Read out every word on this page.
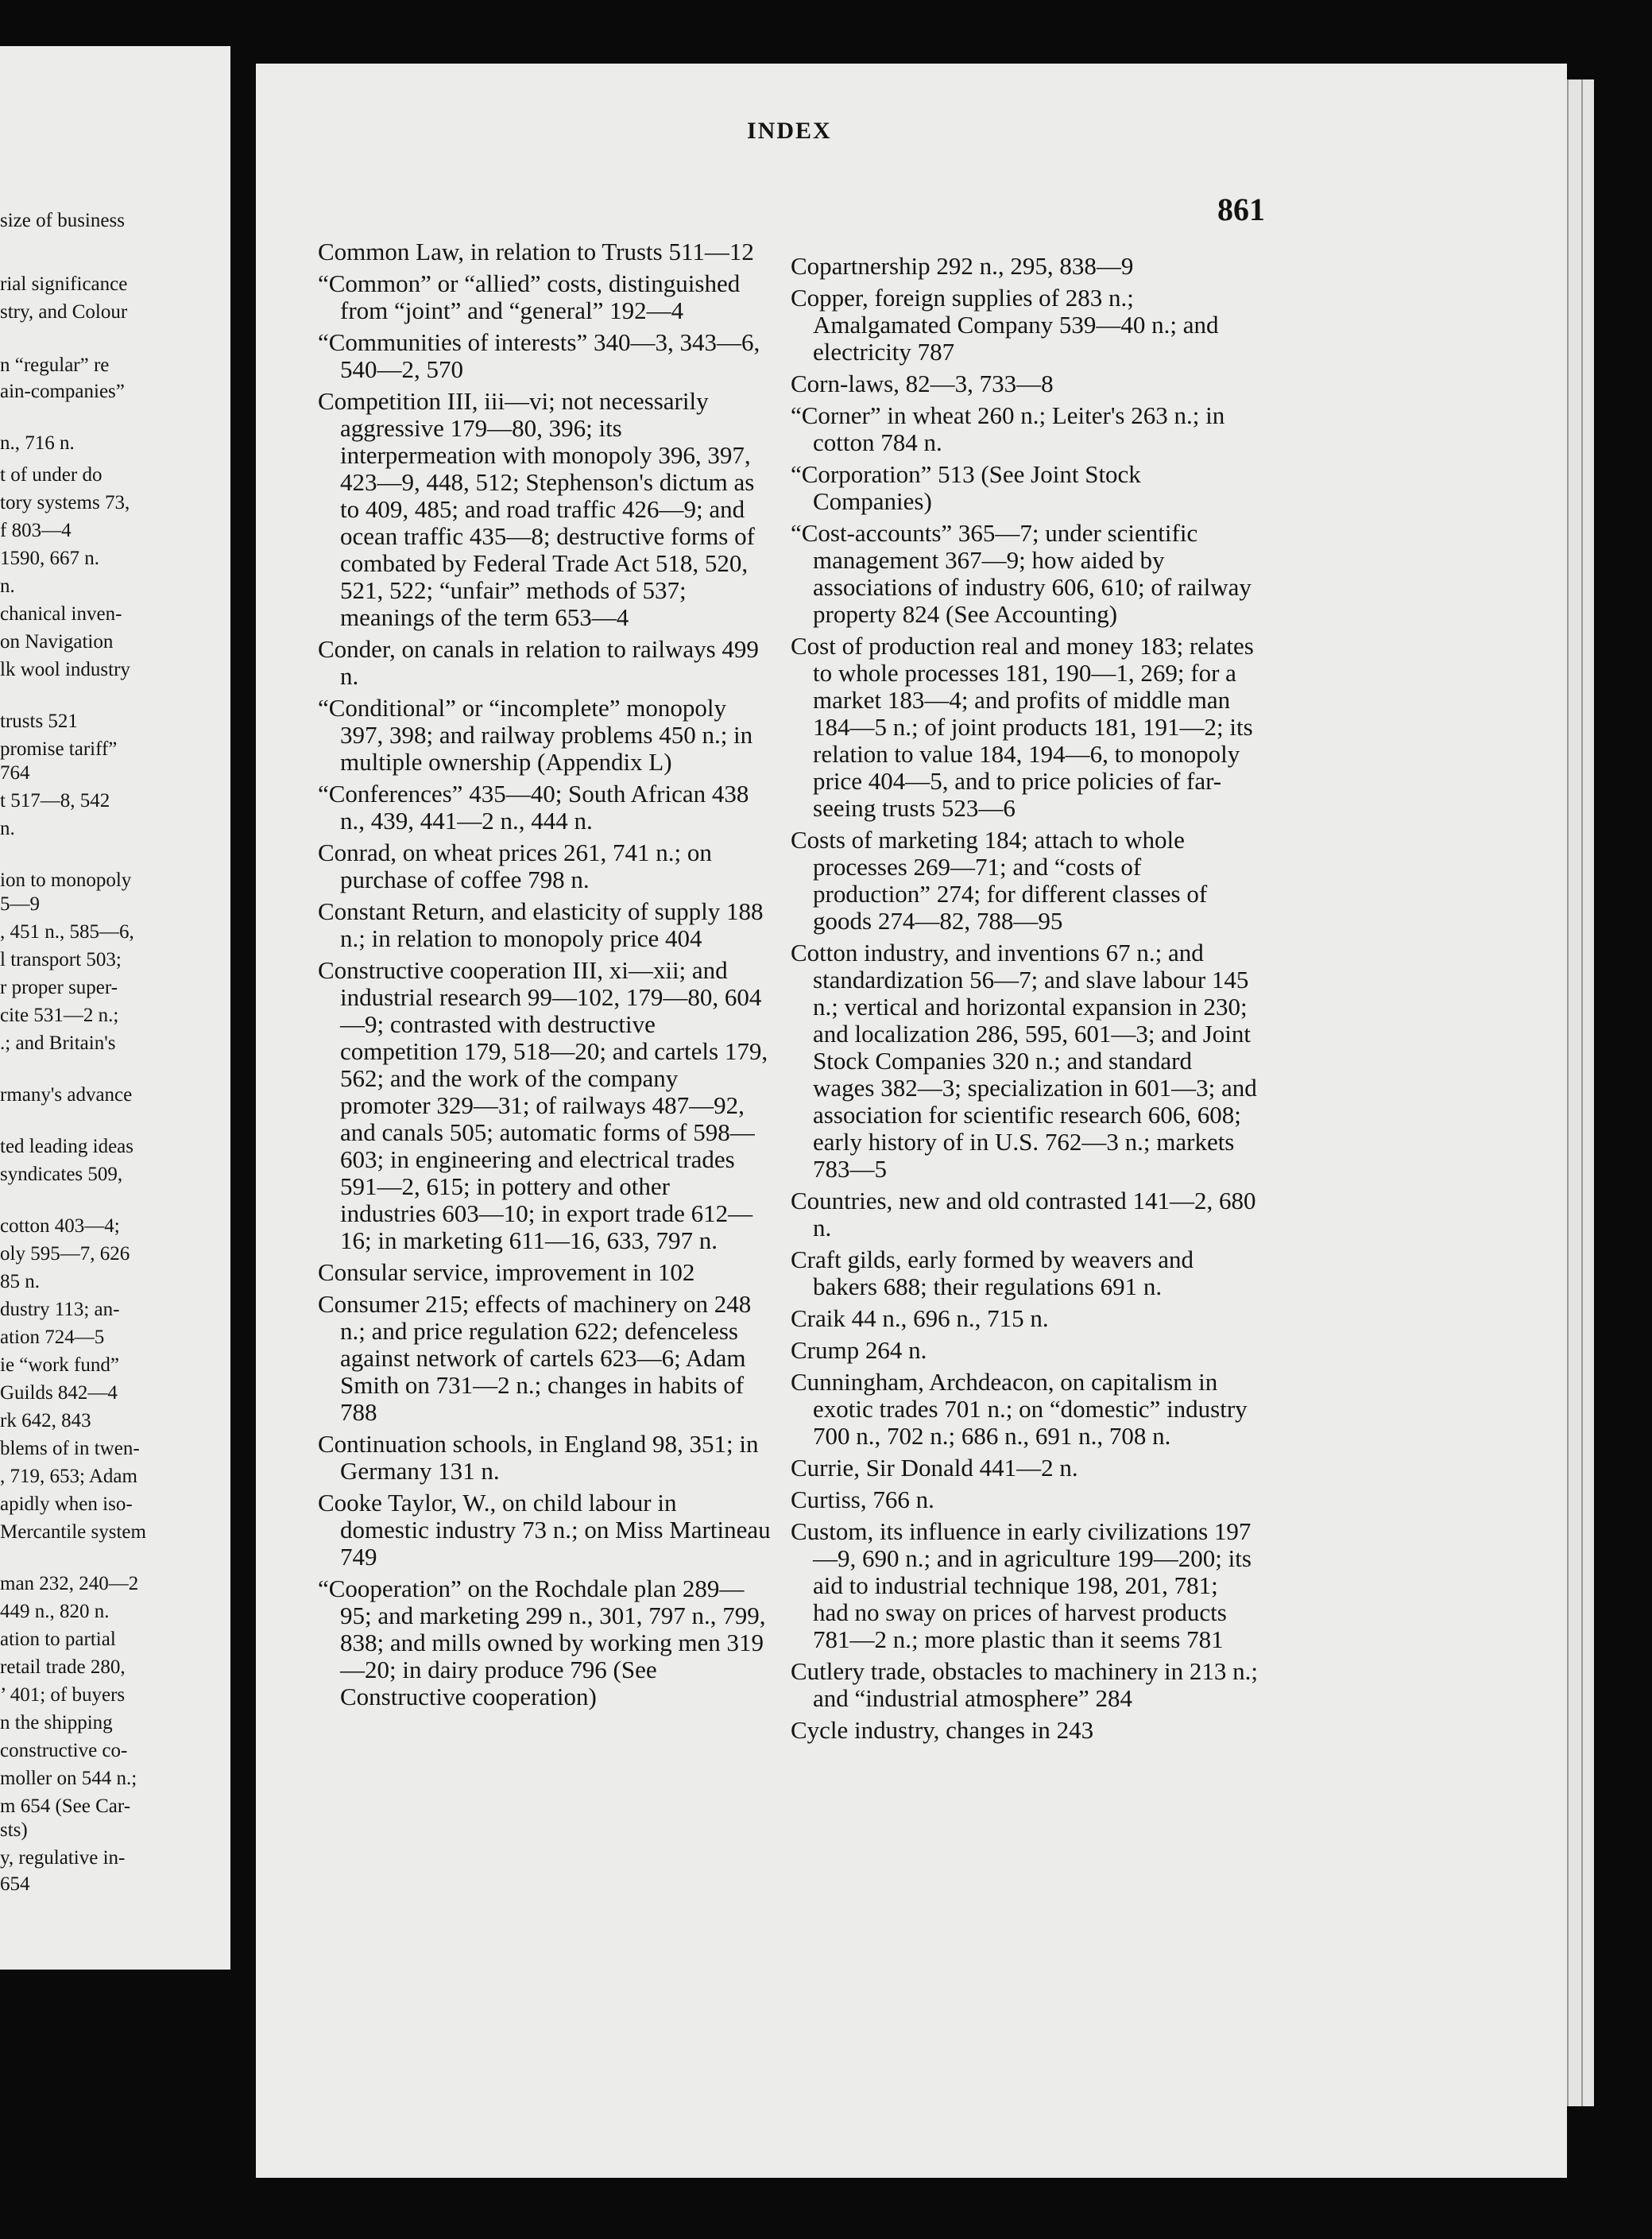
size of business
rial significance
stry, and Colour
n “regular” re
ain-companies”
n., 716 n.
t of under do
tory systems 73,
f 803—4
1590, 667 n.
n.
chanical inven-
on Navigation
lk wool industry
trusts 521
promise tariff”
764
t 517—8, 542
n.
ion to monopoly
5—9
, 451 n., 585—6,
l transport 503;
r proper super-
cite 531—2 n.;
.; and Britain's
rmany's advance
ted leading ideas
syndicates 509,
cotton 403—4;
oly 595—7, 626
85 n.
dustry 113; an-
ation 724—5
ie “work fund”
Guilds 842—4
rk 642, 843
blems of in twen-
, 719, 653; Adam
apidly when iso-
Mercantile system
man 232, 240—2
449 n., 820 n.
ation to partial
retail trade 280,
’ 401; of buyers
n the shipping
constructive co-
moller on 544 n.;
m 654 (See Car-
sts)
y, regulative in-
654
INDEX
861
Common Law, in relation to Trusts 511—12
“Common” or “allied” costs, distinguished from “joint” and “general” 192—4
“Communities of interests” 340—3, 343—6, 540—2, 570
Competition III, iii—vi; not necessarily aggressive 179—80, 396; its interpermeation with monopoly 396, 397, 423—9, 448, 512; Stephenson's dictum as to 409, 485; and road traffic 426—9; and ocean traffic 435—8; destructive forms of combated by Federal Trade Act 518, 520, 521, 522; “unfair” methods of 537; meanings of the term 653—4
Conder, on canals in relation to railways 499 n.
“Conditional” or “incomplete” monopoly 397, 398; and railway problems 450 n.; in multiple ownership (Appendix L)
“Conferences” 435—40; South African 438 n., 439, 441—2 n., 444 n.
Conrad, on wheat prices 261, 741 n.; on purchase of coffee 798 n.
Constant Return, and elasticity of supply 188 n.; in relation to monopoly price 404
Constructive cooperation III, xi—xii; and industrial research 99—102, 179—80, 604—9; contrasted with destructive competition 179, 518—20; and cartels 179, 562; and the work of the company promoter 329—31; of railways 487—92, and canals 505; automatic forms of 598—603; in engineering and electrical trades 591—2, 615; in pottery and other industries 603—10; in export trade 612—16; in marketing 611—16, 633, 797 n.
Consular service, improvement in 102
Consumer 215; effects of machinery on 248 n.; and price regulation 622; defenceless against network of cartels 623—6; Adam Smith on 731—2 n.; changes in habits of 788
Continuation schools, in England 98, 351; in Germany 131 n.
Cooke Taylor, W., on child labour in domestic industry 73 n.; on Miss Martineau 749
“Cooperation” on the Rochdale plan 289—95; and marketing 299 n., 301, 797 n., 799, 838; and mills owned by working men 319—20; in dairy produce 796 (See Constructive cooperation)
Copartnership 292 n., 295, 838—9
Copper, foreign supplies of 283 n.; Amalgamated Company 539—40 n.; and electricity 787
Corn-laws, 82—3, 733—8
“Corner” in wheat 260 n.; Leiter's 263 n.; in cotton 784 n.
“Corporation” 513 (See Joint Stock Companies)
“Cost-accounts” 365—7; under scientific management 367—9; how aided by associations of industry 606, 610; of railway property 824 (See Accounting)
Cost of production real and money 183; relates to whole processes 181, 190—1, 269; for a market 183—4; and profits of middle man 184—5 n.; of joint products 181, 191—2; its relation to value 184, 194—6, to monopoly price 404—5, and to price policies of far-seeing trusts 523—6
Costs of marketing 184; attach to whole processes 269—71; and “costs of production” 274; for different classes of goods 274—82, 788—95
Cotton industry, and inventions 67 n.; and standardization 56—7; and slave labour 145 n.; vertical and horizontal expansion in 230; and localization 286, 595, 601—3; and Joint Stock Companies 320 n.; and standard wages 382—3; specialization in 601—3; and association for scientific research 606, 608; early history of in U.S. 762—3 n.; markets 783—5
Countries, new and old contrasted 141—2, 680 n.
Craft gilds, early formed by weavers and bakers 688; their regulations 691 n.
Craik 44 n., 696 n., 715 n.
Crump 264 n.
Cunningham, Archdeacon, on capitalism in exotic trades 701 n.; on “domestic” industry 700 n., 702 n.; 686 n., 691 n., 708 n.
Currie, Sir Donald 441—2 n.
Curtiss, 766 n.
Custom, its influence in early civilizations 197—9, 690 n.; and in agriculture 199—200; its aid to industrial technique 198, 201, 781; had no sway on prices of harvest products 781—2 n.; more plastic than it seems 781
Cutlery trade, obstacles to machinery in 213 n.; and “industrial atmosphere” 284
Cycle industry, changes in 243
